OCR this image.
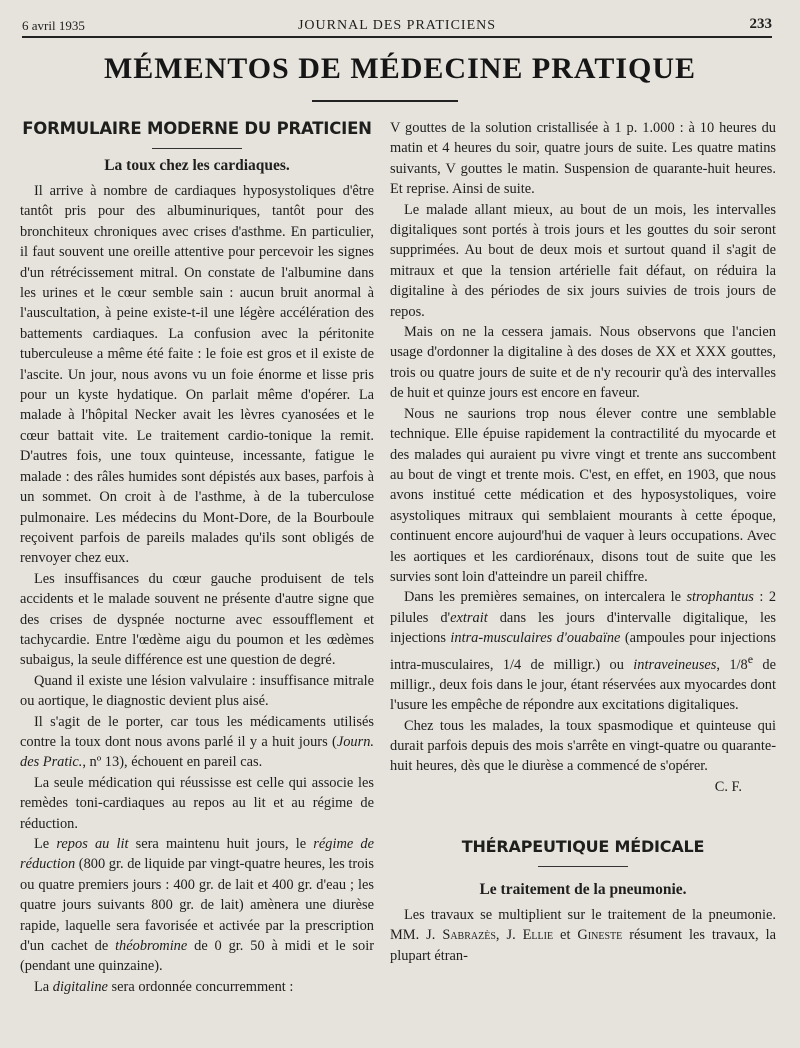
6 avril 1935	JOURNAL DES PRATICIENS	233
MÉMENTOS DE MÉDECINE PRATIQUE
FORMULAIRE MODERNE DU PRATICIEN
La toux chez les cardiaques.

Il arrive à nombre de cardiaques hyposystoliques d'être tantôt pris pour des albuminuriques, tantôt pour des bronchiteux chroniques avec crises d'asthme. En particulier, il faut souvent une oreille attentive pour percevoir les signes d'un rétrécissement mitral. On constate de l'albumine dans les urines et le cœur semble sain : aucun bruit anormal à l'auscultation, à peine existe-t-il une légère accélération des battements cardiaques. La confusion avec la péritonite tuberculeuse a même été faite : le foie est gros et il existe de l'ascite. Un jour, nous avons vu un foie énorme et lisse pris pour un kyste hydatique. On parlait même d'opérer. La malade à l'hôpital Necker avait les lèvres cyanosées et le cœur battait vite. Le traitement cardio-tonique la remit. D'autres fois, une toux quinteuse, incessante, fatigue le malade : des râles humides sont dépistés aux bases, parfois à un sommet. On croit à de l'asthme, à de la tuberculose pulmonaire. Les médecins du Mont-Dore, de la Bourboule reçoivent parfois de pareils malades qu'ils sont obligés de renvoyer chez eux.

Les insuffisances du cœur gauche produisent de tels accidents et le malade souvent ne présente d'autre signe que des crises de dyspnée nocturne avec essoufflement et tachycardie. Entre l'œdème aigu du poumon et les œdèmes subaigus, la seule différence est une question de degré.

Quand il existe une lésion valvulaire : insuffisance mitrale ou aortique, le diagnostic devient plus aisé.

Il s'agit de le porter, car tous les médicaments utilisés contre la toux dont nous avons parlé il y a huit jours (Journ. des Pratic., nº 13), échouent en pareil cas.

La seule médication qui réussisse est celle qui associe les remèdes toni-cardiaques au repos au lit et au régime de réduction.

Le repos au lit sera maintenu huit jours, le régime de réduction (800 gr. de liquide par vingt-quatre heures, les trois ou quatre premiers jours : 400 gr. de lait et 400 gr. d'eau ; les quatre jours suivants 800 gr. de lait) amènera une diurèse rapide, laquelle sera favorisée et activée par la prescription d'un cachet de théobromine de 0 gr. 50 à midi et le soir (pendant une quinzaine).

La digitaline sera ordonnée concurremment :

V gouttes de la solution cristallisée à 1 p. 1.000 : à 10 heures du matin et 4 heures du soir, quatre jours de suite. Les quatre matins suivants, V gouttes le matin. Suspension de quarante-huit heures. Et reprise. Ainsi de suite.

Le malade allant mieux, au bout de un mois, les intervalles digitaliques sont portés à trois jours et les gouttes du soir seront supprimées. Au bout de deux mois et surtout quand il s'agit de mitraux et que la tension artérielle fait défaut, on réduira la digitaline à des périodes de six jours suivies de trois jours de repos.

Mais on ne la cessera jamais. Nous observons que l'ancien usage d'ordonner la digitaline à des doses de XX et XXX gouttes, trois ou quatre jours de suite et de n'y recourir qu'à des intervalles de huit et quinze jours est encore en faveur.

Nous ne saurions trop nous élever contre une semblable technique. Elle épuise rapidement la contractilité du myocarde et des malades qui auraient pu vivre vingt et trente ans succombent au bout de vingt et trente mois. C'est, en effet, en 1903, que nous avons institué cette médication et des hyposystoliques, voire asystoliques mitraux qui semblaient mourants à cette époque, continuent encore aujourd'hui de vaquer à leurs occupations. Avec les aortiques et les cardiorénaux, disons tout de suite que les survies sont loin d'atteindre un pareil chiffre.

Dans les premières semaines, on intercalera le strophantus : 2 pilules d'extrait dans les jours d'intervalle digitalique, les injections intra-musculaires d'ouabaïne (ampoules pour injections intra-musculaires, 1/4 de milligr.) ou intraveineuses, 1/8e de milligr., deux fois dans le jour, étant réservées aux myocardes dont l'usure les empêche de répondre aux excitations digitaliques.

Chez tous les malades, la toux spasmodique et quinteuse qui durait parfois depuis des mois s'arrête en vingt-quatre ou quarante-huit heures, dès que le diurèse a commencé de s'opérer.

C. F.

THÉRAPEUTIQUE MÉDICALE
Le traitement de la pneumonie.

Les travaux se multiplient sur le traitement de la pneumonie. MM. J. Sabrazès, J. Ellie et Gineste résument les travaux, la plupart étran-
